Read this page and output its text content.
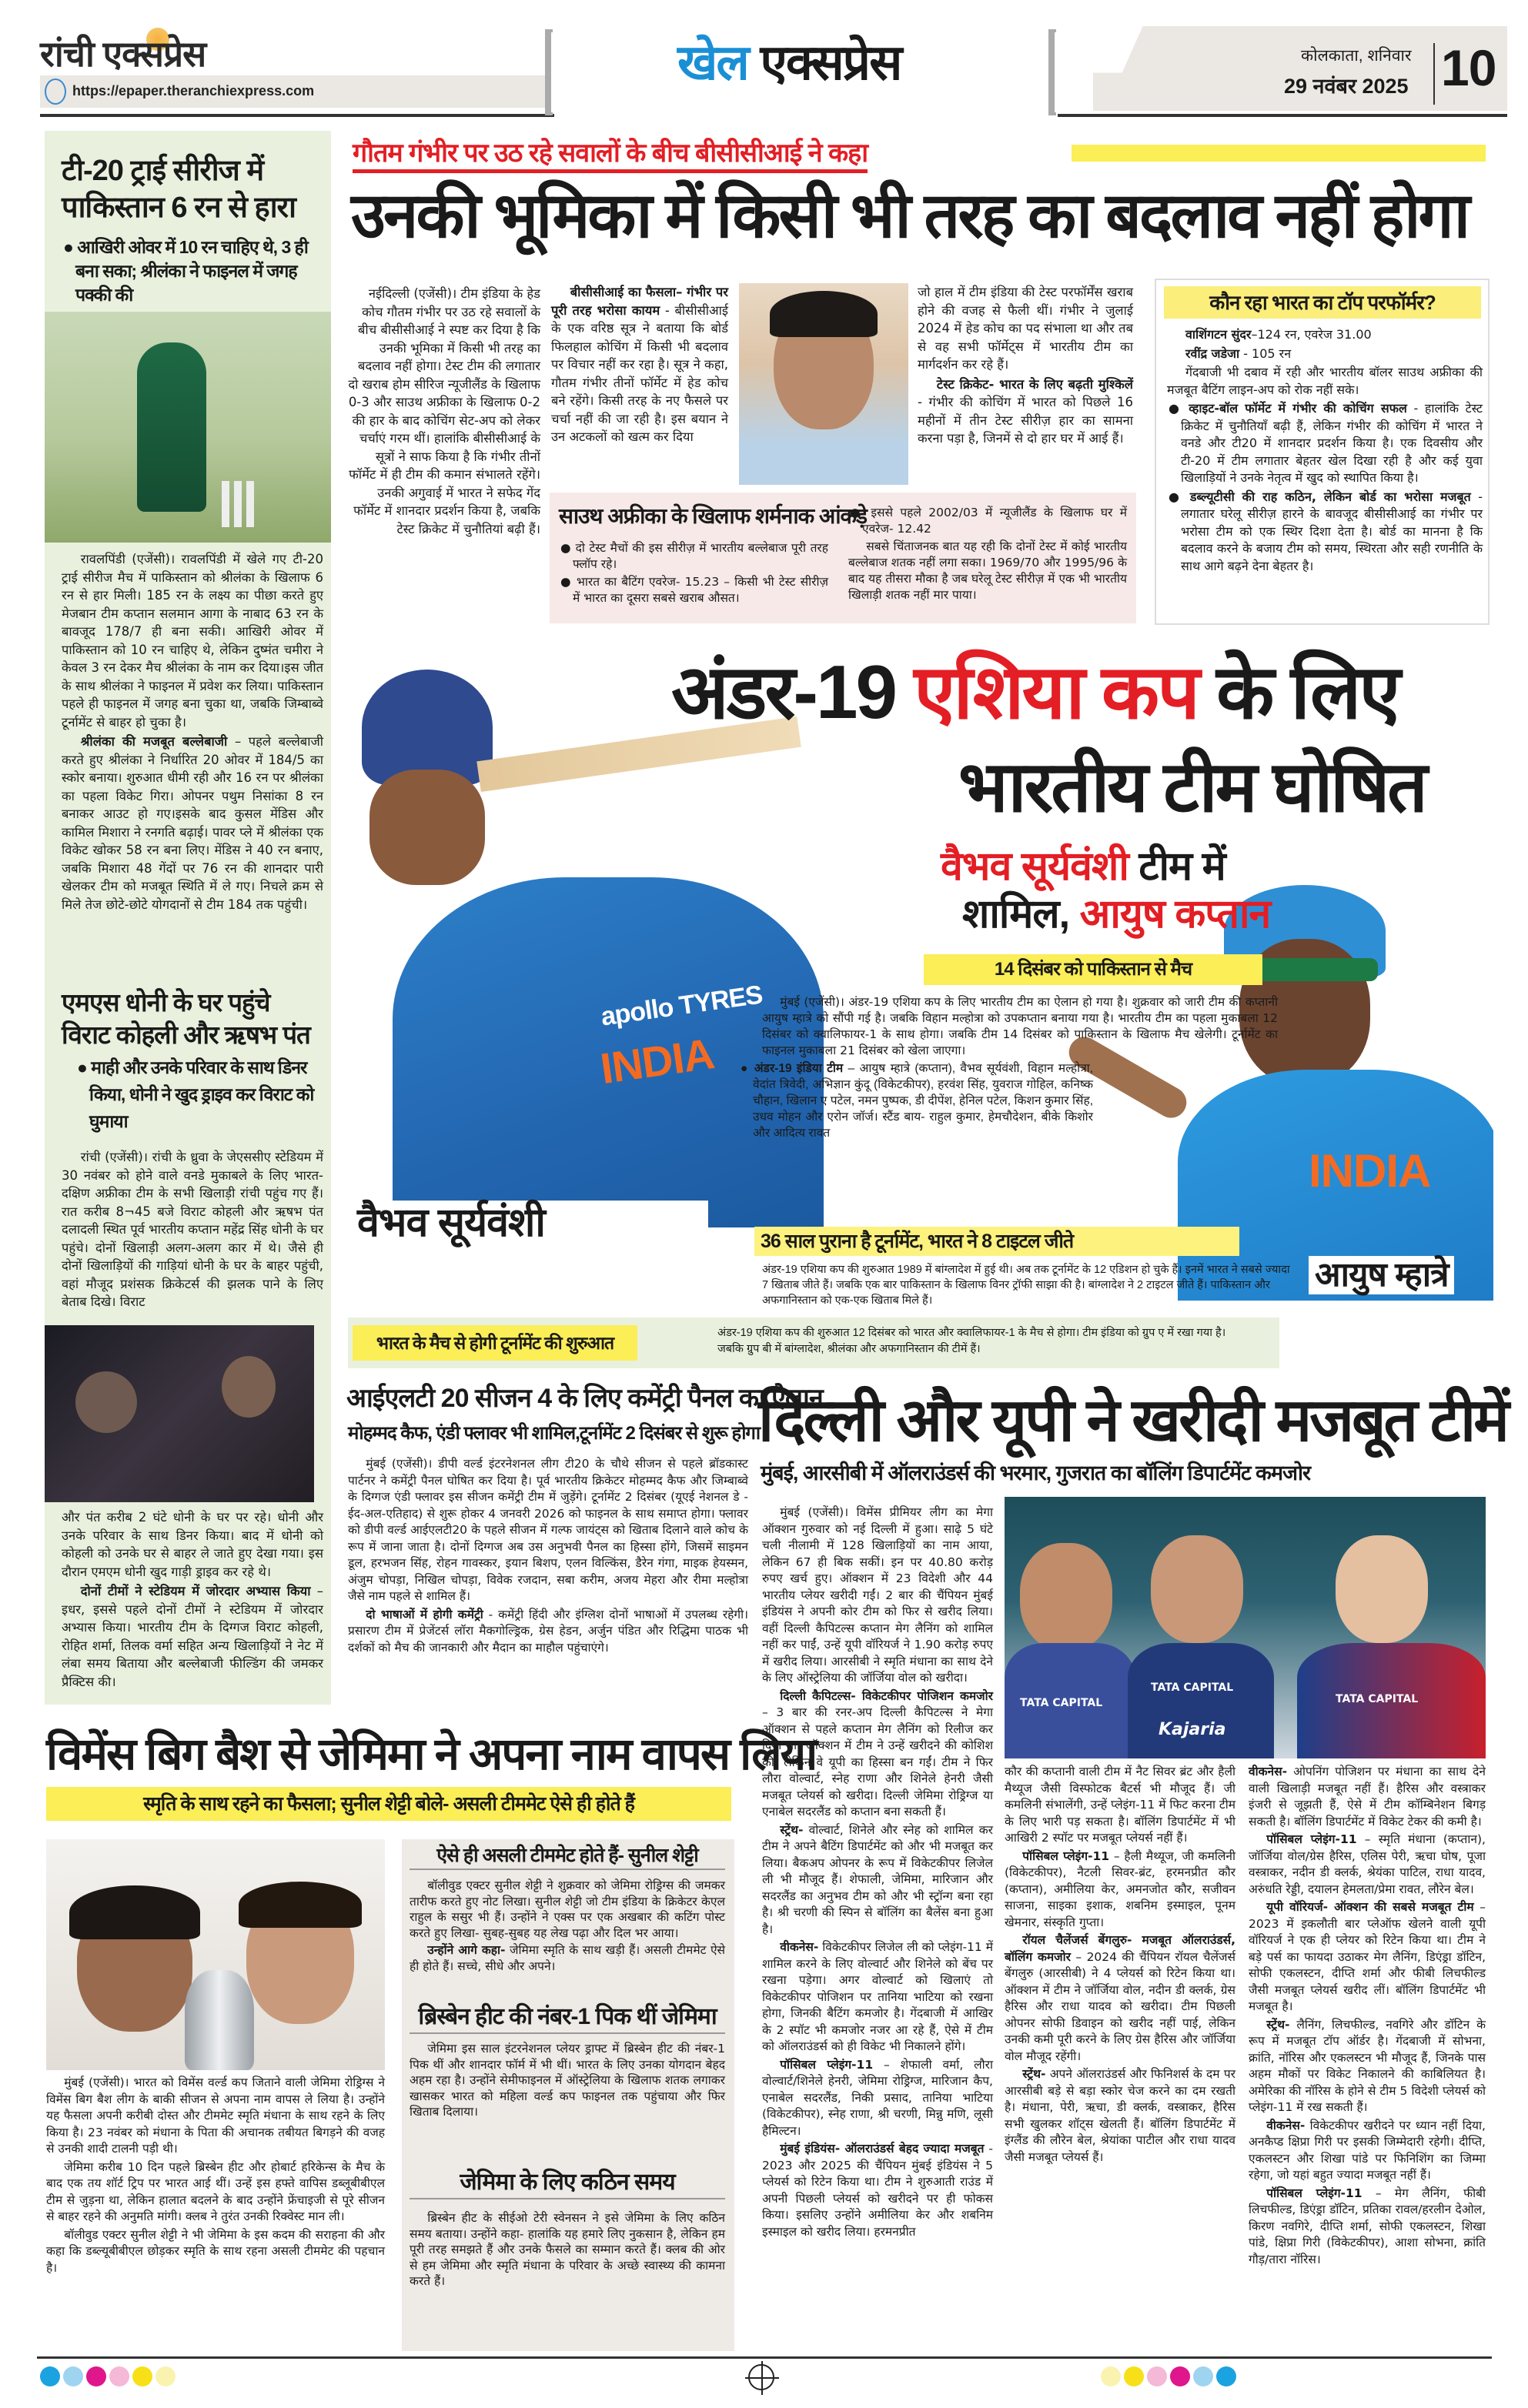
रांची एक्सप्रेस
https://epaper.theranchiexpress.com
खेल एक्सप्रेस	कोलकाता, शनिवार
29 नवंबर 2025 10
टी-20 ट्राई सीरीज में पाकिस्तान 6 रन से हारा
● आखिरी ओवर में 10 रन चाहिए थे, 3 ही बना सका; श्रीलंका ने फाइनल में जगह पक्की की

रावलपिंडी (एजेंसी)। रावलपिंडी में खेले गए टी-20 ट्राई सीरीज मैच में पाकिस्तान को श्रीलंका के खिलाफ 6 रन से हार मिली। 185 रन के लक्ष्य का पीछा करते हुए मेजबान टीम कप्तान सलमान आगा के नाबाद 63 रन के बावजूद 178/7 ही बना सकी। आखिरी ओवर में पाकिस्तान को 10 रन चाहिए थे, लेकिन दुष्मंत चमीरा ने केवल 3 रन देकर मैच श्रीलंका के नाम कर दिया।इस जीत के साथ श्रीलंका ने फाइनल में प्रवेश कर लिया। पाकिस्तान पहले ही फाइनल में जगह बना चुका था, जबकि जिम्बाब्वे टूर्नामेंट से बाहर हो चुका है।

श्रीलंका की मजबूत बल्लेबाजी – पहले बल्लेबाजी करते हुए श्रीलंका ने निर्धारित 20 ओवर में 184/5 का स्कोर बनाया। शुरुआत धीमी रही और 16 रन पर श्रीलंका का पहला विकेट गिरा। ओपनर पथुम निसांका 8 रन बनाकर आउट हो गए।इसके बाद कुसल मेंडिस और कामिल मिशारा ने रनगति बढ़ाई। पावर प्ले में श्रीलंका एक विकेट खोकर 58 रन बना लिए। मेंडिस ने 40 रन बनाए, जबकि मिशारा 48 गेंदों पर 76 रन की शानदार पारी खेलकर टीम को मजबूत स्थिति में ले गए। निचले क्रम से मिले तेज छोटे-छोटे योगदानों से टीम 184 तक पहुंची।

एमएस धोनी के घर पहुंचे विराट कोहली और ऋषभ पंत
● माही और उनके परिवार के साथ डिनर किया, धोनी ने खुद ड्राइव कर विराट को घुमाया

रांची (एजेंसी)। रांची के ध्रुवा के जेएससीए स्टेडियम में 30 नवंबर को होने वाले वनडे मुकाबले के लिए भारत-दक्षिण अफ्रीका टीम के सभी खिलाड़ी रांची पहुंच गए हैं। रात करीब 8¬45 बजे विराट कोहली और ऋषभ पंत दलादली स्थित पूर्व भारतीय कप्तान महेंद्र सिंह धोनी के घर पहुंचे। दोनों खिलाड़ी अलग-अलग कार में थे। जैसे ही दोनों खिलाड़ियों की गाड़ियां धोनी के घर के बाहर पहुंची, वहां मौजूद प्रशंसक क्रिकेटर्स की झलक पाने के लिए बेताब दिखे। विराट

और पंत करीब 2 घंटे धोनी के घर पर रहे। धोनी और उनके परिवार के साथ डिनर किया। बाद में धोनी को कोहली को उनके घर से बाहर ले जाते हुए देखा गया। इस दौरान एमएम धोनी खुद गाड़ी ड्राइव कर रहे थे।

दोनों टीमों ने स्टेडियम में जोरदार अभ्यास किया – इधर, इससे पहले दोनों टीमों ने स्टेडियम में जोरदार अभ्यास किया। भारतीय टीम के दिग्गज विराट कोहली, रोहित शर्मा, तिलक वर्मा सहित अन्य खिलाड़ियों ने नेट में लंबा समय बिताया और बल्लेबाजी फील्डिंग की जमकर प्रैक्टिस की।

गौतम गंभीर पर उठ रहे सवालों के बीच बीसीसीआई ने कहा
उनकी भूमिका में किसी भी तरह का बदलाव नहीं होगा

नईदिल्ली (एजेंसी)। टीम इंडिया के हेड कोच गौतम गंभीर पर उठ रहे सवालों के बीच बीसीसीआई ने स्पष्ट कर दिया है कि उनकी भूमिका में किसी भी तरह का बदलाव नहीं होगा। टेस्ट टीम की लगातार दो खराब होम सीरिज न्यूजीलैंड के खिलाफ 0-3 और साउथ अफ्रीका के खिलाफ 0-2 की हार के बाद कोचिंग सेट-अप को लेकर चर्चाएं गरम थीं। हालांकि बीसीसीआई के सूत्रों ने साफ किया है कि गंभीर तीनों फॉर्मेट में ही टीम की कमान संभालते रहेंगे। उनकी अगुवाई में भारत ने सफेद गेंद फॉर्मेट में शानदार प्रदर्शन किया है, जबकि टेस्ट क्रिकेट में चुनौतियां बढ़ी हैं।

बीसीसीआई का फैसला– गंभीर पर पूरी तरह भरोसा कायम - बीसीसीआई के एक वरिष्ठ सूत्र ने बताया कि बोर्ड फिलहाल कोचिंग में किसी भी बदलाव पर विचार नहीं कर रहा है। सूत्र ने कहा, गौतम गंभीर तीनों फॉर्मेट में हेड कोच बने रहेंगे। किसी तरह के नए फैसले पर चर्चा नहीं की जा रही है। इस बयान ने उन अटकलों को खत्म कर दिया

जो हाल में टीम इंडिया की टेस्ट परफॉर्मेंस खराब होने की वजह से फैली थीं। गंभीर ने जुलाई 2024 में हेड कोच का पद संभाला था और तब से वह सभी फॉर्मेट्स में भारतीय टीम का मार्गदर्शन कर रहे हैं।

टेस्ट क्रिकेट- भारत के लिए बढ़ती मुश्किलें - गंभीर की कोचिंग में भारत को पिछले 16 महीनों में तीन टेस्ट सीरीज़ हार का सामना करना पड़ा है, जिनमें से दो हार घर में आई हैं।

साउथ अफ्रीका के खिलाफ शर्मनाक आंकड़े

● दो टेस्ट मैचों की इस सीरीज़ में भारतीय बल्लेबाज पूरी तरह फ्लॉप रहे।

● भारत का बैटिंग एवरेज- 15.23 – किसी भी टेस्ट सीरीज़ में भारत का दूसरा सबसे खराब औसत।

● इससे पहले 2002/03 में न्यूजीलैंड के खिलाफ घर में एवरेज- 12.42

सबसे चिंताजनक बात यह रही कि दोनों टेस्ट में कोई भारतीय बल्लेबाज शतक नहीं लगा सका। 1969/70 और 1995/96 के बाद यह तीसरा मौका है जब घरेलू टेस्ट सीरीज़ में एक भी भारतीय खिलाड़ी शतक नहीं मार पाया।

कौन रहा भारत का टॉप परफॉर्मर?

वाशिंगटन सुंदर–124 रन, एवरेज 31.00

रवींद्र जडेजा - 105 रन

गेंदबाजी भी दबाव में रही और भारतीय बॉलर साउथ अफ्रीका की मजबूत बैटिंग लाइन-अप को रोक नहीं सके।

● व्हाइट-बॉल फॉर्मेट में गंभीर की कोचिंग सफल - हालांकि टेस्ट क्रिकेट में चुनौतियाँ बढ़ी हैं, लेकिन गंभीर की कोचिंग में भारत ने वनडे और टी20 में शानदार प्रदर्शन किया है। एक दिवसीय और टी-20 में टीम लगातार बेहतर खेल दिखा रही है और कई युवा खिलाड़ियों ने उनके नेतृत्व में खुद को स्थापित किया है।

● डब्ल्यूटीसी की राह कठिन, लेकिन बोर्ड का भरोसा मजबूत - लगातार घरेलू सीरीज़ हारने के बावजूद बीसीसीआई का गंभीर पर भरोसा टीम को एक स्थिर दिशा देता है। बोर्ड का मानना है कि बदलाव करने के बजाय टीम को समय, स्थिरता और सही रणनीति के साथ आगे बढ़ने देना बेहतर है।

apollo TYRES
INDIA
वैभव सूर्यवंशी
अंडर-19 एशिया कप के लिए
भारतीय टीम घोषित
INDIA
वैभव सूर्यवंशी टीम में
शामिल, आयुष कप्तान
14 दिसंबर को पाकिस्तान से मैच
आयुष म्हात्रे

मुंबई (एजेंसी)। अंडर-19 एशिया कप के लिए भारतीय टीम का ऐलान हो गया है। शुक्रवार को जारी टीम की कप्तानी आयुष म्हात्रे को सौंपी गई है। जबकि विहान मल्होत्रा को उपकप्तान बनाया गया है। भारतीय टीम का पहला मुकाबला 12 दिसंबर को क्वालिफायर-1 के साथ होगा। जबकि टीम 14 दिसंबर को पाकिस्तान के खिलाफ मैच खेलेगी। टूर्नामेंट का फाइनल मुकाबला 21 दिसंबर को खेला जाएगा।

● अंडर-19 इंडिया टीम – आयुष म्हात्रे (कप्तान), वैभव सूर्यवंशी, विहान मल्होत्रा, वेदांत त्रिवेदी, अभिज्ञान कुंदू (विकेटकीपर), हरवंश सिंह, युवराज गोहिल, कनिष्क चौहान, खिलान ए पटेल, नमन पुष्पक, डी दीपेंश, हेनिल पटेल, किशन कुमार सिंह, उधव मोहन और एरोन जॉर्ज। स्टैंड बाय- राहुल कुमार, हेमचौदेशन, बीके किशोर और आदित्य रावत

36 साल पुराना है टूर्नामेंट, भारत ने 8 टाइटल जीते
अंडर-19 एशिया कप की शुरुआत 1989 में बांग्लादेश में हुई थी। अब तक टूर्नामेंट के 12 एडिशन हो चुके हैं। इनमें भारत ने सबसे ज्यादा 7 खिताब जीते हैं। जबकि एक बार पाकिस्तान के खिलाफ विनर ट्रॉफी साझा की है। बांग्लादेश ने 2 टाइटल जीते हैं। पाकिस्तान और अफगानिस्तान को एक-एक खिताब मिले हैं।
भारत के मैच से होगी टूर्नामेंट की शुरुआत	अंडर-19 एशिया कप की शुरुआत 12 दिसंबर को भारत और क्वालिफायर-1 के मैच से होगा। टीम इंडिया को ग्रुप ए में रखा गया है। जबकि ग्रुप बी में बांग्लादेश, श्रीलंका और अफगानिस्तान की टीमें हैं।
आईएलटी 20 सीजन 4 के लिए कमेंट्री पैनल का ऐलान
मोहम्मद कैफ, एंडी फ्लावर भी शामिल,टूर्नामेंट 2 दिसंबर से शुरू होगा

मुंबई (एजेंसी)। डीपी वर्ल्ड इंटरनेशनल लीग टी20 के चौथे सीजन से पहले ब्रॉडकास्ट पार्टनर ने कमेंट्री पैनल घोषित कर दिया है। पूर्व भारतीय क्रिकेटर मोहम्मद कैफ और जिम्बाब्वे के दिग्गज एंडी फ्लावर इस सीजन कमेंट्री टीम में जुड़ेंगे। टूर्नामेंट 2 दिसंबर (यूएई नेशनल डे - ईद-अल-एतिहाद) से शुरू होकर 4 जनवरी 2026 को फाइनल के साथ समाप्त होगा। फ्लावर को डीपी वर्ल्ड आईएलटी20 के पहले सीजन में गल्फ जायंट्स को खिताब दिलाने वाले कोच के रूप में जाना जाता है। दोनों दिग्गज अब उस अनुभवी पैनल का हिस्सा होंगे, जिसमें साइमन डूल, हरभजन सिंह, रोहन गावस्कर, इयान बिशप, एलन विल्किंस, डैरेन गंगा, माइक हेयस्मन, अंजुम चोपड़ा, निखिल चोपड़ा, विवेक रजदान, सबा करीम, अजय मेहरा और रीमा मल्होत्रा जैसे नाम पहले से शामिल हैं।

दो भाषाओं में होगी कमेंट्री - कमेंट्री हिंदी और इंग्लिश दोनों भाषाओं में उपलब्ध रहेगी। प्रसारण टीम में प्रेजेंटर्स लॉरा मैकगोल्ड्रिक, ग्रेस हेडन, अर्जुन पंडित और रिद्धिमा पाठक भी दर्शकों को मैच की जानकारी और मैदान का माहौल पहुंचाएंगे।

दिल्ली और यूपी ने खरीदी मजबूत टीमें
मुंबई, आरसीबी में ऑलराउंडर्स की भरमार, गुजरात का बॉलिंग डिपार्टमेंट कमजोर
TATA CAPITAL
TATA CAPITAL
Kajaria
TATA CAPITAL

मुंबई (एजेंसी)। विमेंस प्रीमियर लीग का मेगा ऑक्शन गुरुवार को नई दिल्ली में हुआ। साढ़े 5 घंटे चली नीलामी में 128 खिलाड़ियों का नाम आया, लेकिन 67 ही बिक सकीं। इन पर 40.80 करोड़ रुपए खर्च हुए। ऑक्शन में 23 विदेशी और 44 भारतीय प्लेयर खरीदी गईं। 2 बार की चैंपियन मुंबई इंडियंस ने अपनी कोर टीम को फिर से खरीद लिया। वहीं दिल्ली कैपिटल्स कप्तान मेग लैनिंग को शामिल नहीं कर पाईं, उन्हें यूपी वॉरियर्ज ने 1.90 करोड़ रुपए में खरीद लिया। आरसीबी ने स्मृति मंधाना का साथ देने के लिए ऑस्ट्रेलिया की जॉर्जिया वोल को खरीदा।

दिल्ली कैपिटल्स- विकेटकीपर पोजिशन कमजोर – 3 बार की रनर-अप दिल्ली कैपिटल्स ने मेगा ऑक्शन से पहले कप्तान मेग लैनिंग को रिलीज कर दिया था। ऑक्शन में टीम ने उन्हें खरीदने की कोशिश की, लेकिन वे यूपी का हिस्सा बन गईं। टीम ने फिर लौरा वोल्वार्ट, स्नेह राणा और शिनेले हेनरी जैसी मजबूत प्लेयर्स को खरीदा। दिल्ली जेमिमा रोड्रिग्ज या एनाबेल सदरलैंड को कप्तान बना सकती हैं।

स्ट्रेंथ- वोल्वार्ट, शिनेले और स्नेह को शामिल कर टीम ने अपने बैटिंग डिपार्टमेंट को और भी मजबूत कर लिया। बैकअप ओपनर के रूप में विकेटकीपर लिजेल ली भी मौजूद हैं। शेफाली, जेमिमा, मारिजान और सदरलैंड का अनुभव टीम को और भी स्ट्रॉन्ग बना रहा है। श्री चरणी की स्पिन से बॉलिंग का बैलेंस बना हुआ है।

वीकनेस- विकेटकीपर लिजेल ली को प्लेइंग-11 में शामिल करने के लिए वोल्वार्ट और शिनेले को बेंच पर रखना पड़ेगा। अगर वोल्वार्ट को खिलाएं तो विकेटकीपर पोजिशन पर तानिया भाटिया को रखना होगा, जिनकी बैटिंग कमजोर है। गेंदबाजी में आखिर के 2 स्पॉट भी कमजोर नजर आ रहे हैं, ऐसे में टीम को ऑलराउंडर्स को ही विकेट भी निकालने होंगे।

पॉसिबल प्लेइंग-11 – शेफाली वर्मा, लौरा वोल्वार्ट/शिनेले हेनरी, जेमिमा रोड्रिग्ज, मारिजान कैप, एनाबेल सदरलैंड, निकी प्रसाद, तानिया भाटिया (विकेटकीपर), स्नेह राणा, श्री चरणी, मिन्नु मणि, लूसी हैमिल्टन।

मुंबई इंडियंस- ऑलराउंडर्स बेहद ज्यादा मजबूत - 2023 और 2025 की चैंपियन मुंबई इंडियंस ने 5 प्लेयर्स को रिटेन किया था। टीम ने शुरुआती राउंड में अपनी पिछली प्लेयर्स को खरीदने पर ही फोकस किया। इसलिए उन्होंने अमीलिया केर और शबनिम इस्माइल को खरीद लिया। हरमनप्रीत

कौर की कप्तानी वाली टीम में नैट सिवर ब्रंट और हैली मैथ्यूज जैसी विस्फोटक बैटर्स भी मौजूद हैं। जी कमलिनी संभालेंगी, उन्हें प्लेइंग-11 में फिट करना टीम के लिए भारी पड़ सकता है। बॉलिंग डिपार्टमेंट में भी आखिरी 2 स्पॉट पर मजबूत प्लेयर्स नहीं हैं।

पॉसिबल प्लेइंग-11 – हैली मैथ्यूज, जी कमलिनी (विकेटकीपर), नैटली सिवर-ब्रंट, हरमनप्रीत कौर (कप्तान), अमीलिया केर, अमनजोत कौर, सजीवन साजना, साइका इशाक, शबनिम इस्माइल, पूनम खेमनार, संस्कृति गुप्ता।

रॉयल चैलेंजर्स बेंगलुरु- मजबूत ऑलराउंडर्स, बॉलिंग कमजोर – 2024 की चैंपियन रॉयल चैलेंजर्स बेंगलुरु (आरसीबी) ने 4 प्लेयर्स को रिटेन किया था। ऑक्शन में टीम ने जॉर्जिया वोल, नदीन डी क्लर्क, ग्रेस हैरिस और राधा यादव को खरीदा। टीम पिछली ओपनर सोफी डिवाइन को खरीद नहीं पाई, लेकिन उनकी कमी पूरी करने के लिए ग्रेस हैरिस और जॉर्जिया वोल मौजूद रहेंगी।

स्ट्रेंथ- अपने ऑलराउंडर्स और फिनिशर्स के दम पर आरसीबी बड़े से बड़ा स्कोर चेज करने का दम रखती है। मंधाना, पेरी, ऋचा, डी क्लर्क, वस्त्राकर, हैरिस सभी खुलकर शॉट्स खेलती हैं। बॉलिंग डिपार्टमेंट में इंग्लैंड की लौरेन बेल, श्रेयांका पाटील और राधा यादव जैसी मजबूत प्लेयर्स हैं।

वीकनेस- ओपनिंग पोजिशन पर मंधाना का साथ देने वाली खिलाड़ी मजबूत नहीं हैं। हैरिस और वस्त्राकर इंजरी से जूझती हैं, ऐसे में टीम कॉम्बिनेशन बिगड़ सकती है। बॉलिंग डिपार्टमेंट में विकेट टेकर की कमी है।

पॉसिबल प्लेइंग-11 – स्मृति मंधाना (कप्तान), जॉर्जिया वोल/ग्रेस हैरिस, एलिस पेरी, ऋचा घोष, पूजा वस्त्राकर, नदीन डी क्लर्क, श्रेयंका पाटिल, राधा यादव, अरुंधति रेड्डी, दयालन हेमलता/प्रेमा रावत, लौरेन बेल।

यूपी वॉरियर्ज- ऑक्शन की सबसे मजबूत टीम – 2023 में इकलौती बार प्लेऑफ खेलने वाली यूपी वॉरियर्ज ने एक ही प्लेयर को रिटेन किया था। टीम ने बड़े पर्स का फायदा उठाकर मेग लैनिंग, डिएंड्रा डॉटिन, सोफी एकलस्टन, दीप्ति शर्मा और फीबी लिचफील्ड जैसी मजबूत प्लेयर्स खरीद लीं। बॉलिंग डिपार्टमेंट भी मजबूत है।

स्ट्रेंथ- लैनिंग, लिचफील्ड, नवगिरे और डॉटिन के रूप में मजबूत टॉप ऑर्डर है। गेंदबाजी में सोभना, क्रांति, नॉरिस और एकलस्टन भी मौजूद हैं, जिनके पास अहम मौकों पर विकेट निकालने की काबिलियत है। अमेरिका की नॉरिस के होने से टीम 5 विदेशी प्लेयर्स को प्लेइंग-11 में रख सकती हैं।

वीकनेस- विकेटकीपर खरीदने पर ध्यान नहीं दिया, अनकैप्ड क्षिप्रा गिरी पर इसकी जिम्मेदारी रहेगी। दीप्ति, एकलस्टन और शिखा पांडे पर फिनिशिंग का जिम्मा रहेगा, जो यहां बहुत ज्यादा मजबूत नहीं हैं।

पॉसिबल प्लेइंग-11 – मेग लैनिंग, फीबी लिचफील्ड, डिएंड्रा डॉटिन, प्रतिका रावल/हरलीन देओल, किरण नवगिरे, दीप्ति शर्मा, सोफी एकलस्टन, शिखा पांडे, क्षिप्रा गिरी (विकेटकीपर), आशा सोभना, क्रांति गौड़/तारा नॉरिस।

विमेंस बिग बैश से जेमिमा ने अपना नाम वापस लिया
स्मृति के साथ रहने का फैसला; सुनील शेट्टी बोले- असली टीममेट ऐसे ही होते हैं

मुंबई (एजेंसी)। भारत को विमेंस वर्ल्ड कप जिताने वाली जेमिमा रोड्रिग्स ने विमेंस बिग बैश लीग के बाकी सीजन से अपना नाम वापस ले लिया है। उन्होंने यह फैसला अपनी करीबी दोस्त और टीममेट स्मृति मंधाना के साथ रहने के लिए किया है। 23 नवंबर को मंधाना के पिता की अचानक तबीयत बिगड़ने की वजह से उनकी शादी टालनी पड़ी थी।

जेमिमा करीब 10 दिन पहले ब्रिस्बेन हीट और होबार्ट हरिकेन्स के मैच के बाद एक तय शॉर्ट ट्रिप पर भारत आई थीं। उन्हें इस हफ्ते वापिस डब्लूबीबीएल टीम से जुड़ना था, लेकिन हालात बदलने के बाद उन्होंने फ्रेंचाइजी से पूरे सीजन से बाहर रहने की अनुमति मांगी। क्लब ने तुरंत उनकी रिक्वेस्ट मान ली।

बॉलीवुड एक्टर सुनील शेट्टी ने भी जेमिमा के इस कदम की सराहना की और कहा कि डब्ल्यूबीबीएल छोड़कर स्मृति के साथ रहना असली टीममेट की पहचान है।

ऐसे ही असली टीममेट होते हैं- सुनील शेट्टी

बॉलीवुड एक्टर सुनील शेट्टी ने शुक्रवार को जेमिमा रोड्रिग्स की जमकर तारीफ करते हुए नोट लिखा। सुनील शेट्टी जो टीम इंडिया के क्रिकेटर केएल राहुल के ससुर भी हैं। उन्होंने ने एक्स पर एक अखबार की कटिंग पोस्ट करते हुए लिखा- सुबह-सुबह यह लेख पढ़ा और दिल भर आया।

उन्होंने आगे कहा- जेमिमा स्मृति के साथ खड़ी हैं। असली टीममेट ऐसे ही होते हैं। सच्चे, सीधे और अपने।

ब्रिस्बेन हीट की नंबर-1 पिक थीं जेमिमा

जेमिमा इस साल इंटरनेशनल प्लेयर ड्राफ्ट में ब्रिस्बेन हीट की नंबर-1 पिक थीं और शानदार फॉर्म में भी थीं। भारत के लिए उनका योगदान बेहद अहम रहा है। उन्होंने सेमीफाइनल में ऑस्ट्रेलिया के खिलाफ शतक लगाकर खासकर भारत को महिला वर्ल्ड कप फाइनल तक पहुंचाया और फिर खिताब दिलाया।

जेमिमा के लिए कठिन समय

ब्रिस्बेन हीट के सीईओ टेरी स्वेनसन ने इसे जेमिमा के लिए कठिन समय बताया। उन्होंने कहा- हालांकि यह हमारे लिए नुकसान है, लेकिन हम पूरी तरह समझते हैं और उनके फैसले का सम्मान करते हैं। क्लब की ओर से हम जेमिमा और स्मृति मंधाना के परिवार के अच्छे स्वास्थ्य की कामना करते हैं।
